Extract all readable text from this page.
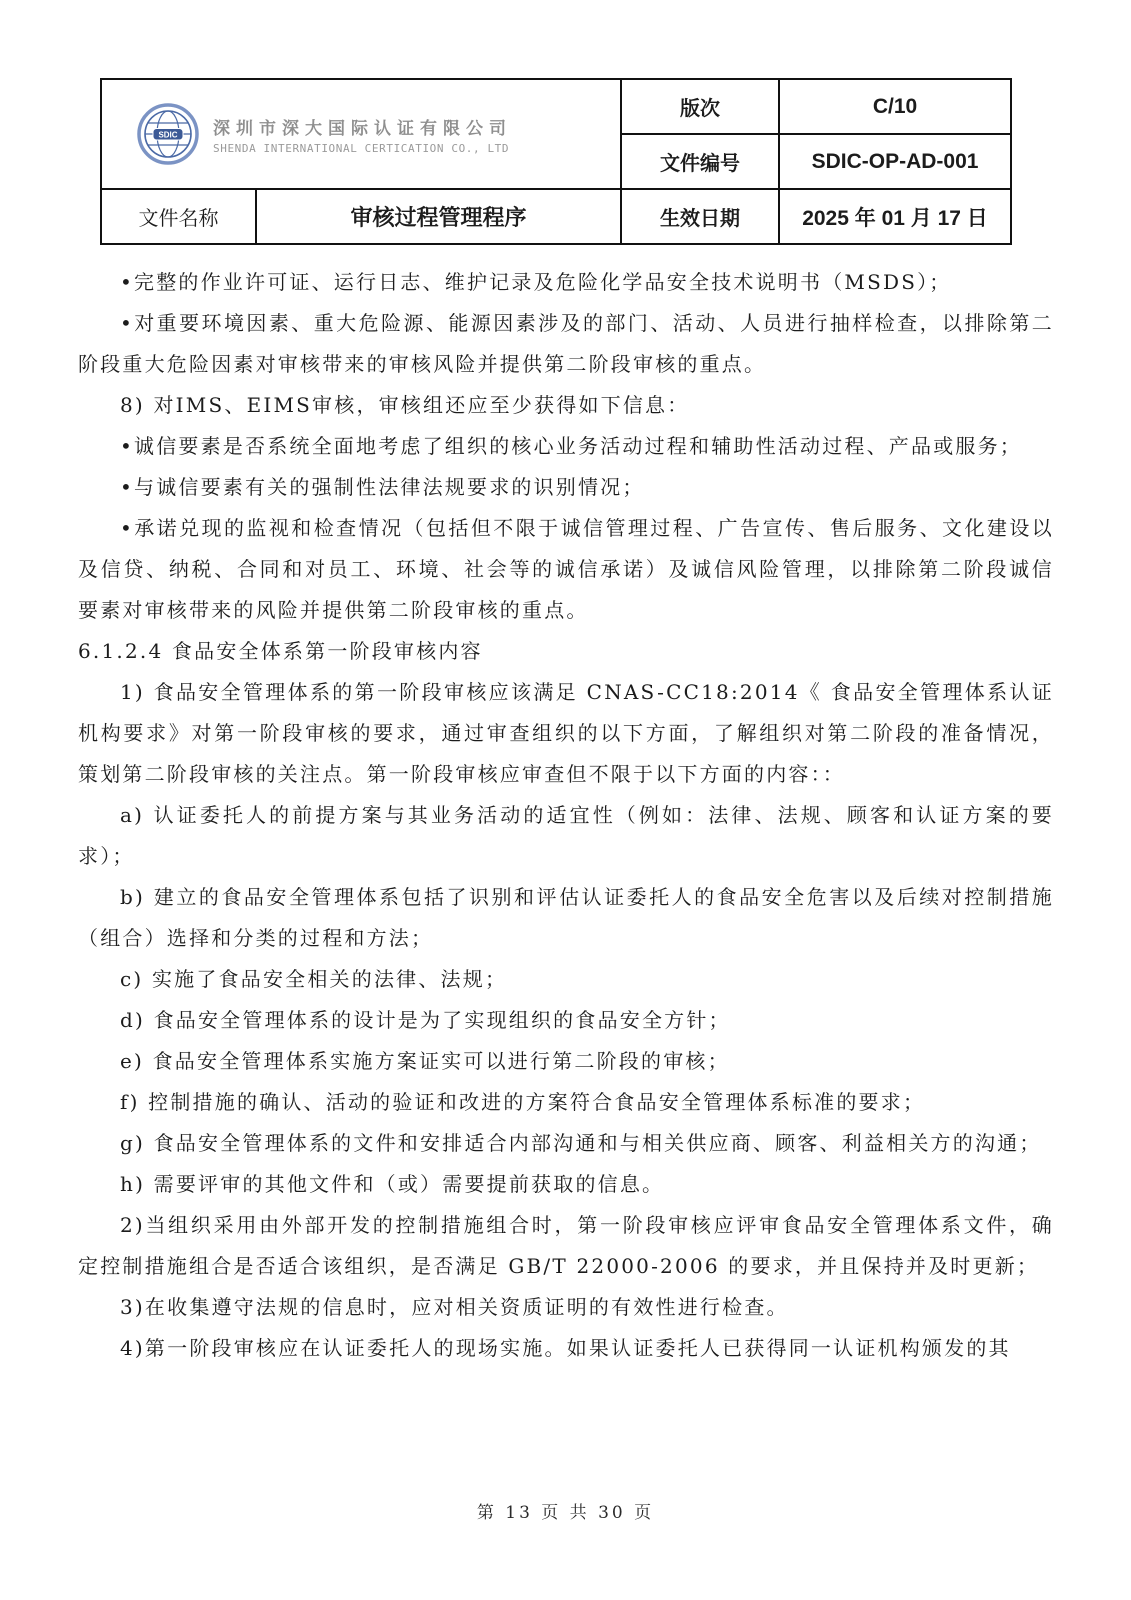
SDIC 深圳市深大国际认证有限公司
SHENDA INTERNATIONAL CERTICATION CO., LTD		版次	C/10
		文件编号	SDIC-OP-AD-001
文件名称	审核过程管理程序	生效日期	2025 年 01 月 17 日

•完整的作业许可证、运行日志、维护记录及危险化学品安全技术说明书（MSDS）；

•对重要环境因素、重大危险源、能源因素涉及的部门、活动、人员进行抽样检查，以排除第二阶段重大危险因素对审核带来的审核风险并提供第二阶段审核的重点。

8) 对IMS、EIMS审核，审核组还应至少获得如下信息：

•诚信要素是否系统全面地考虑了组织的核心业务活动过程和辅助性活动过程、产品或服务；

•与诚信要素有关的强制性法律法规要求的识别情况；

•承诺兑现的监视和检查情况（包括但不限于诚信管理过程、广告宣传、售后服务、文化建设以及信贷、纳税、合同和对员工、环境、社会等的诚信承诺）及诚信风险管理，以排除第二阶段诚信要素对审核带来的风险并提供第二阶段审核的重点。

6.1.2.4 食品安全体系第一阶段审核内容

1) 食品安全管理体系的第一阶段审核应该满足 CNAS-CC18:2014《 食品安全管理体系认证机构要求》对第一阶段审核的要求，通过审查组织的以下方面，了解组织对第二阶段的准备情况，策划第二阶段审核的关注点。第一阶段审核应审查但不限于以下方面的内容：：

a) 认证委托人的前提方案与其业务活动的适宜性（例如：法律、法规、顾客和认证方案的要求）；

b) 建立的食品安全管理体系包括了识别和评估认证委托人的食品安全危害以及后续对控制措施（组合）选择和分类的过程和方法；

c) 实施了食品安全相关的法律、法规；

d) 食品安全管理体系的设计是为了实现组织的食品安全方针；

e) 食品安全管理体系实施方案证实可以进行第二阶段的审核；

f) 控制措施的确认、活动的验证和改进的方案符合食品安全管理体系标准的要求；

g) 食品安全管理体系的文件和安排适合内部沟通和与相关供应商、顾客、利益相关方的沟通；

h) 需要评审的其他文件和（或）需要提前获取的信息。

2)当组织采用由外部开发的控制措施组合时，第一阶段审核应评审食品安全管理体系文件，确定控制措施组合是否适合该组织，是否满足 GB/T 22000-2006 的要求，并且保持并及时更新；

3)在收集遵守法规的信息时，应对相关资质证明的有效性进行检查。

4)第一阶段审核应在认证委托人的现场实施。如果认证委托人已获得同一认证机构颁发的其

第 13 页 共 30 页
